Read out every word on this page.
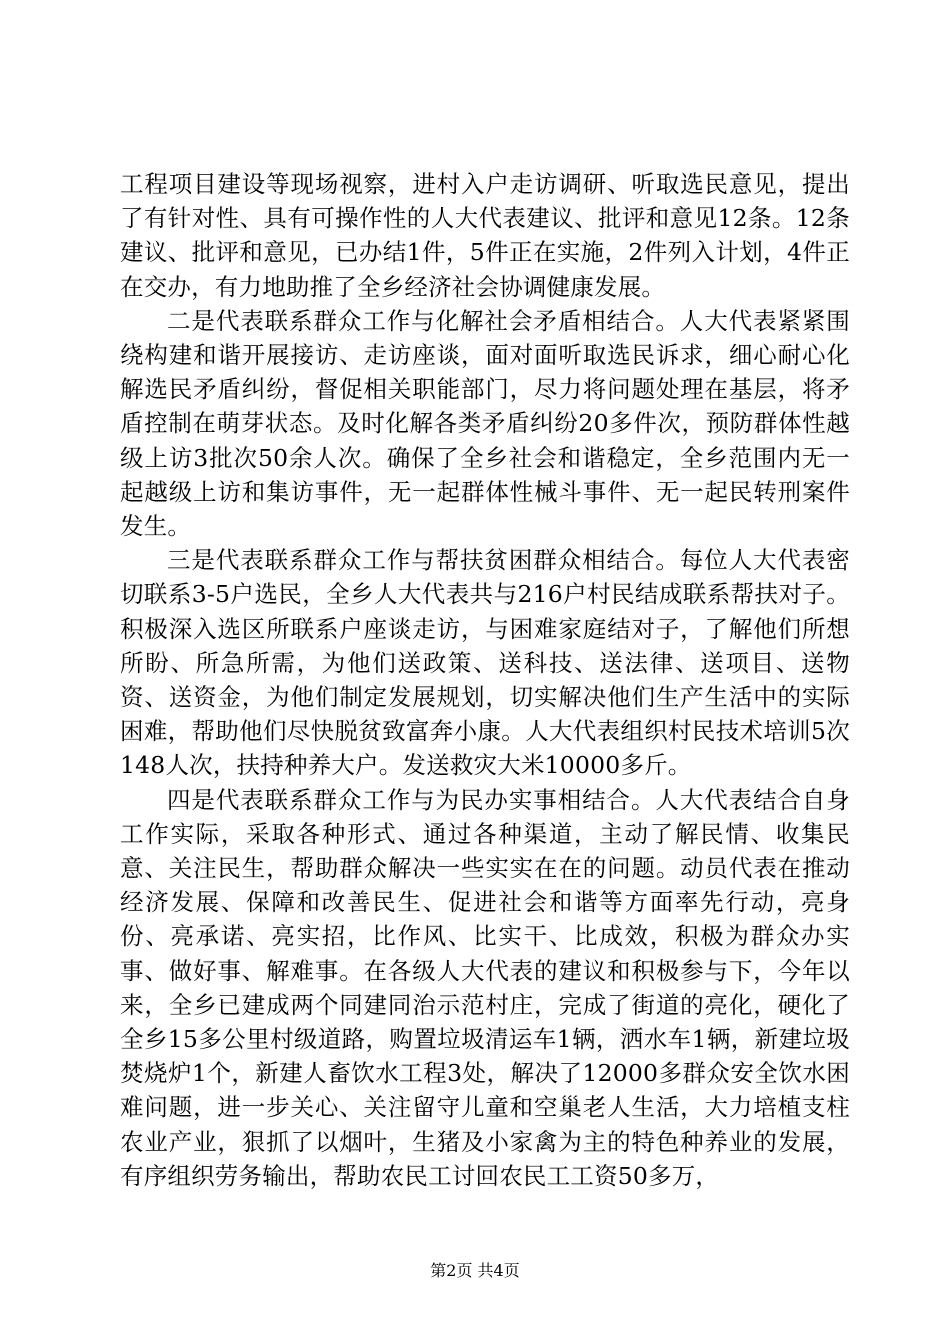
工程项目建设等现场视察，进村入户走访调研、听取选民意见，提出了有针对性、具有可操作性的人大代表建议、批评和意见12条。12条建议、批评和意见，已办结1件，5件正在实施，2件列入计划，4件正在交办，有力地助推了全乡经济社会协调健康发展。

二是代表联系群众工作与化解社会矛盾相结合。人大代表紧紧围绕构建和谐开展接访、走访座谈，面对面听取选民诉求，细心耐心化解选民矛盾纠纷，督促相关职能部门，尽力将问题处理在基层，将矛盾控制在萌芽状态。及时化解各类矛盾纠纷20多件次，预防群体性越级上访3批次50余人次。确保了全乡社会和谐稳定，全乡范围内无一起越级上访和集访事件，无一起群体性械斗事件、无一起民转刑案件发生。

三是代表联系群众工作与帮扶贫困群众相结合。每位人大代表密切联系3-5户选民，全乡人大代表共与216户村民结成联系帮扶对子。积极深入选区所联系户座谈走访，与困难家庭结对子，了解他们所想所盼、所急所需，为他们送政策、送科技、送法律、送项目、送物资、送资金，为他们制定发展规划，切实解决他们生产生活中的实际困难，帮助他们尽快脱贫致富奔小康。人大代表组织村民技术培训5次148人次，扶持种养大户。发送救灾大米10000多斤。

四是代表联系群众工作与为民办实事相结合。人大代表结合自身工作实际，采取各种形式、通过各种渠道，主动了解民情、收集民意、关注民生，帮助群众解决一些实实在在的问题。动员代表在推动经济发展、保障和改善民生、促进社会和谐等方面率先行动，亮身份、亮承诺、亮实招，比作风、比实干、比成效，积极为群众办实事、做好事、解难事。在各级人大代表的建议和积极参与下，今年以来，全乡已建成两个同建同治示范村庄，完成了街道的亮化，硬化了全乡15多公里村级道路，购置垃圾清运车1辆，洒水车1辆，新建垃圾焚烧炉1个，新建人畜饮水工程3处，解决了12000多群众安全饮水困难问题，进一步关心、关注留守儿童和空巢老人生活，大力培植支柱农业产业，狠抓了以烟叶，生猪及小家禽为主的特色种养业的发展，有序组织劳务输出，帮助农民工讨回农民工工资50多万，

第2页 共4页
